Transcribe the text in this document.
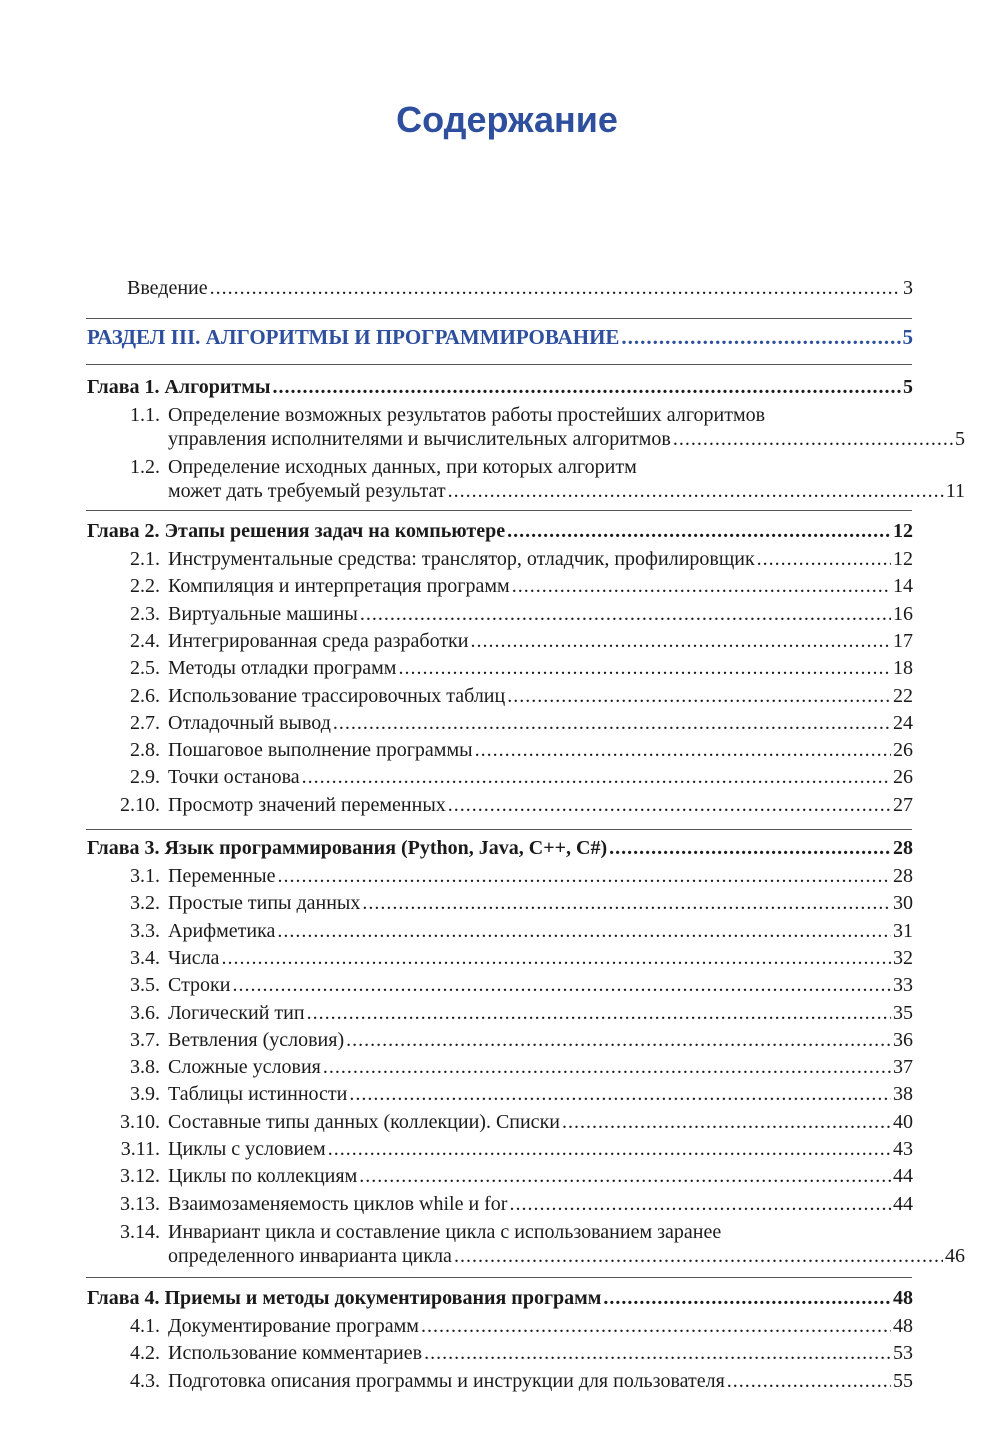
Содержание
Введение .....	3
РАЗДЕЛ III. АЛГОРИТМЫ И ПРОГРАММИРОВАНИЕ .....	5
Глава 1. Алгоритмы .....	5
1.1. Определение возможных результатов работы простейших алгоритмов
управления исполнителями и вычислительных алгоритмов .....	5
1.2. Определение исходных данных, при которых алгоритм
может дать требуемый результат .....	11
Глава 2. Этапы решения задач на компьютере .....	12
2.1. Инструментальные средства: транслятор, отладчик, профилировщик .....	12
2.2. Компиляция и интерпретация программ .....	14
2.3. Виртуальные машины .....	16
2.4. Интегрированная среда разработки .....	17
2.5. Методы отладки программ .....	18
2.6. Использование трассировочных таблиц .....	22
2.7. Отладочный вывод .....	24
2.8. Пошаговое выполнение программы .....	26
2.9. Точки останова .....	26
2.10. Просмотр значений переменных .....	27
Глава 3. Язык программирования (Python, Java, C++, C#) .....	28
3.1. Переменные .....	28
3.2. Простые типы данных .....	30
3.3. Арифметика .....	31
3.4. Числа .....	32
3.5. Строки .....	33
3.6. Логический тип .....	35
3.7. Ветвления (условия) .....	36
3.8. Сложные условия .....	37
3.9. Таблицы истинности .....	38
3.10. Составные типы данных (коллекции). Списки .....	40
3.11. Циклы с условием .....	43
3.12. Циклы по коллекциям .....	44
3.13. Взаимозаменяемость циклов while и for .....	44
3.14. Инвариант цикла и составление цикла с использованием заранее
определенного инварианта цикла .....	46
Глава 4. Приемы и методы документирования программ .....	48
4.1. Документирование программ .....	48
4.2. Использование комментариев .....	53
4.3. Подготовка описания программы и инструкции для пользователя .....	55
